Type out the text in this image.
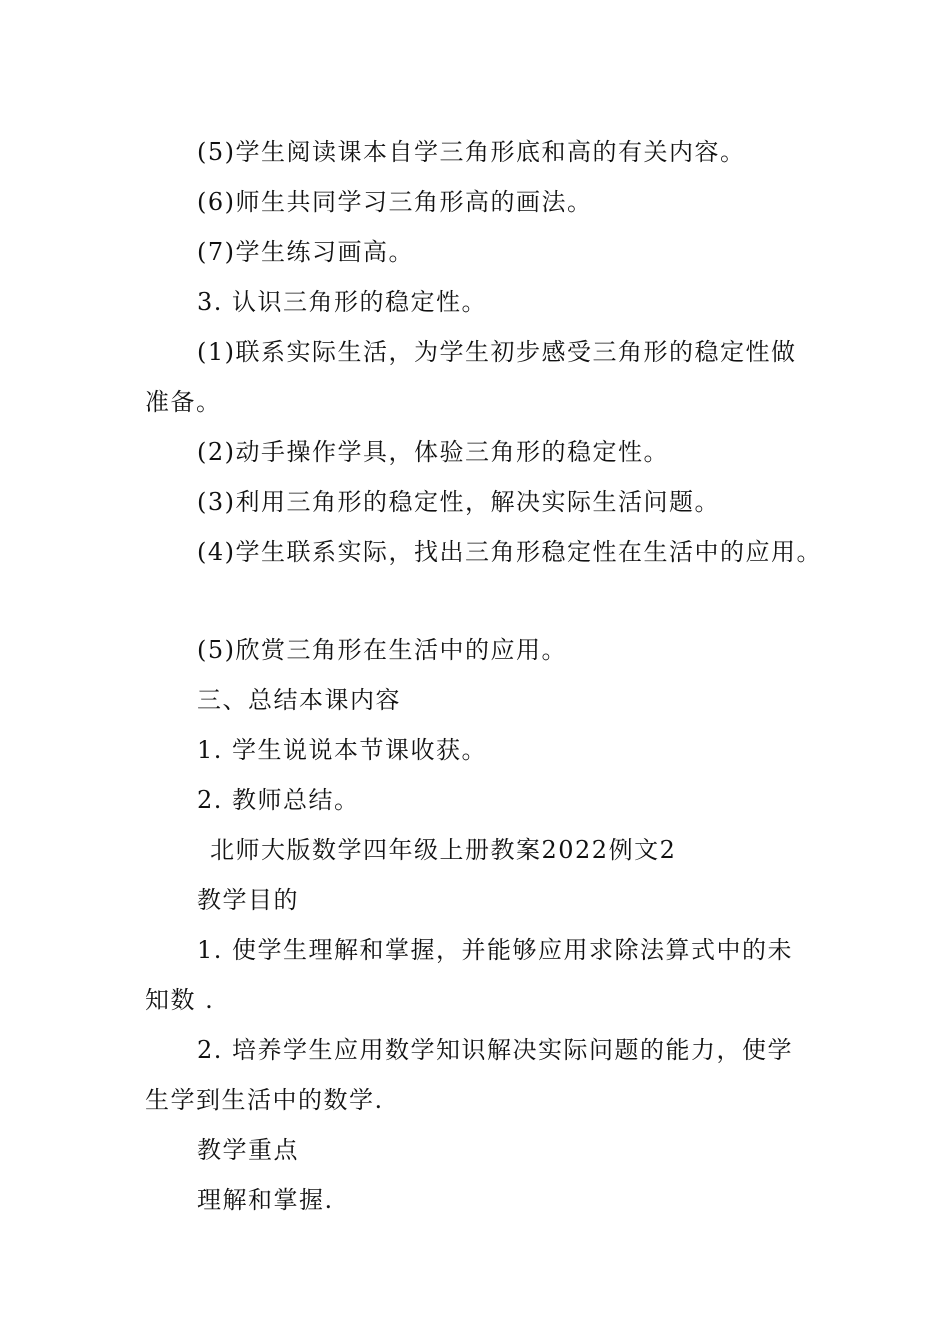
(5)学生阅读课本自学三角形底和高的有关内容。
(6)师生共同学习三角形高的画法。
(7)学生练习画高。
3. 认识三角形的稳定性。
(1)联系实际生活，为学生初步感受三角形的稳定性做
准备。
(2)动手操作学具，体验三角形的稳定性。
(3)利用三角形的稳定性，解决实际生活问题。
(4)学生联系实际，找出三角形稳定性在生活中的应用。
(5)欣赏三角形在生活中的应用。
三、总结本课内容
1. 学生说说本节课收获。
2. 教师总结。
北师大版数学四年级上册教案2022例文2
教学目的
1. 使学生理解和掌握，并能够应用求除法算式中的未
知数 .
2. 培养学生应用数学知识解决实际问题的能力，使学
生学到生活中的数学.
教学重点
理解和掌握.
